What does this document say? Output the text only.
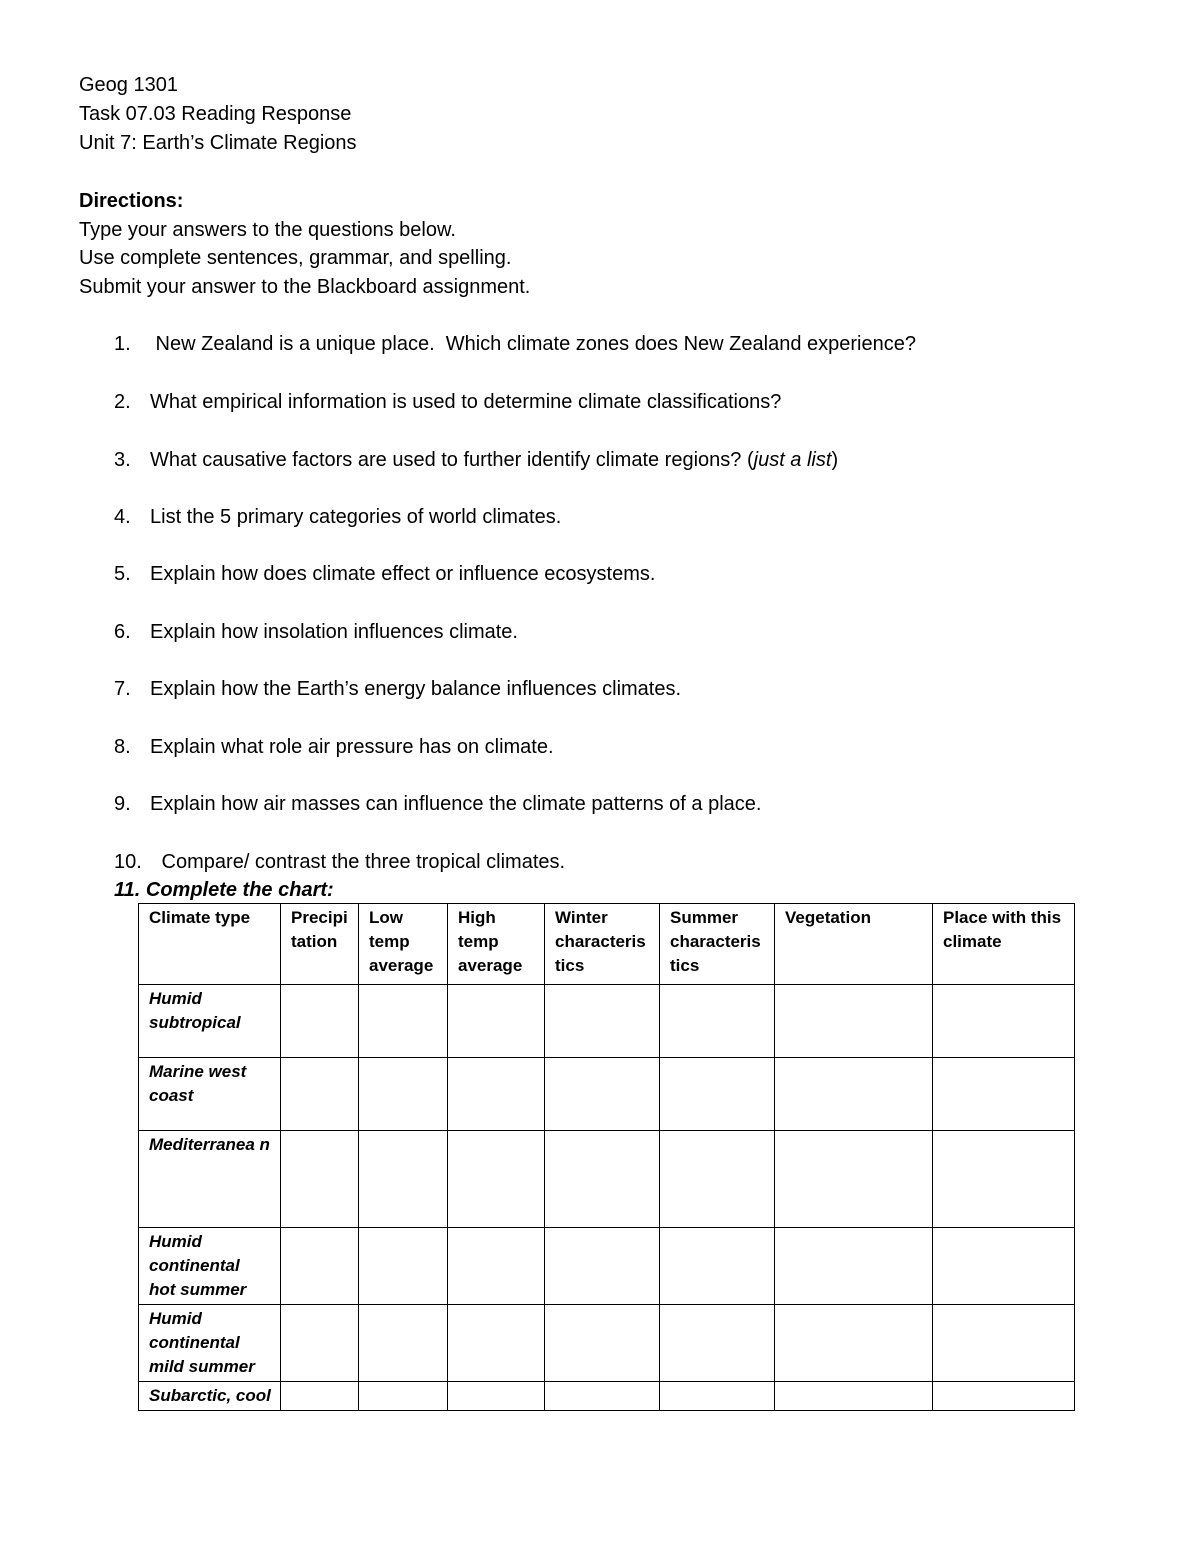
Geog 1301
Task 07.03 Reading Response
Unit 7: Earth’s Climate Regions
Directions:
Type your answers to the questions below.
Use complete sentences, grammar, and spelling.
Submit your answer to the Blackboard assignment.
1. New Zealand is a unique place.  Which climate zones does New Zealand experience?
2. What empirical information is used to determine climate classifications?
3. What causative factors are used to further identify climate regions? (just a list)
4. List the 5 primary categories of world climates.
5. Explain how does climate effect or influence ecosystems.
6. Explain how insolation influences climate.
7. Explain how the Earth’s energy balance influences climates.
8. Explain what role air pressure has on climate.
9. Explain how air masses can influence the climate patterns of a place.
10. Compare/ contrast the three tropical climates.
11. Complete the chart:
Climate type	Precipi tation	Low temp average	High temp average	Winter characteris tics	Summer characteris tics	Vegetation	Place with this climate
Humid subtropical							
Marine west coast							
Mediterranea n							
Humid continental hot summer							
Humid continental mild summer							
Subarctic, cool							
